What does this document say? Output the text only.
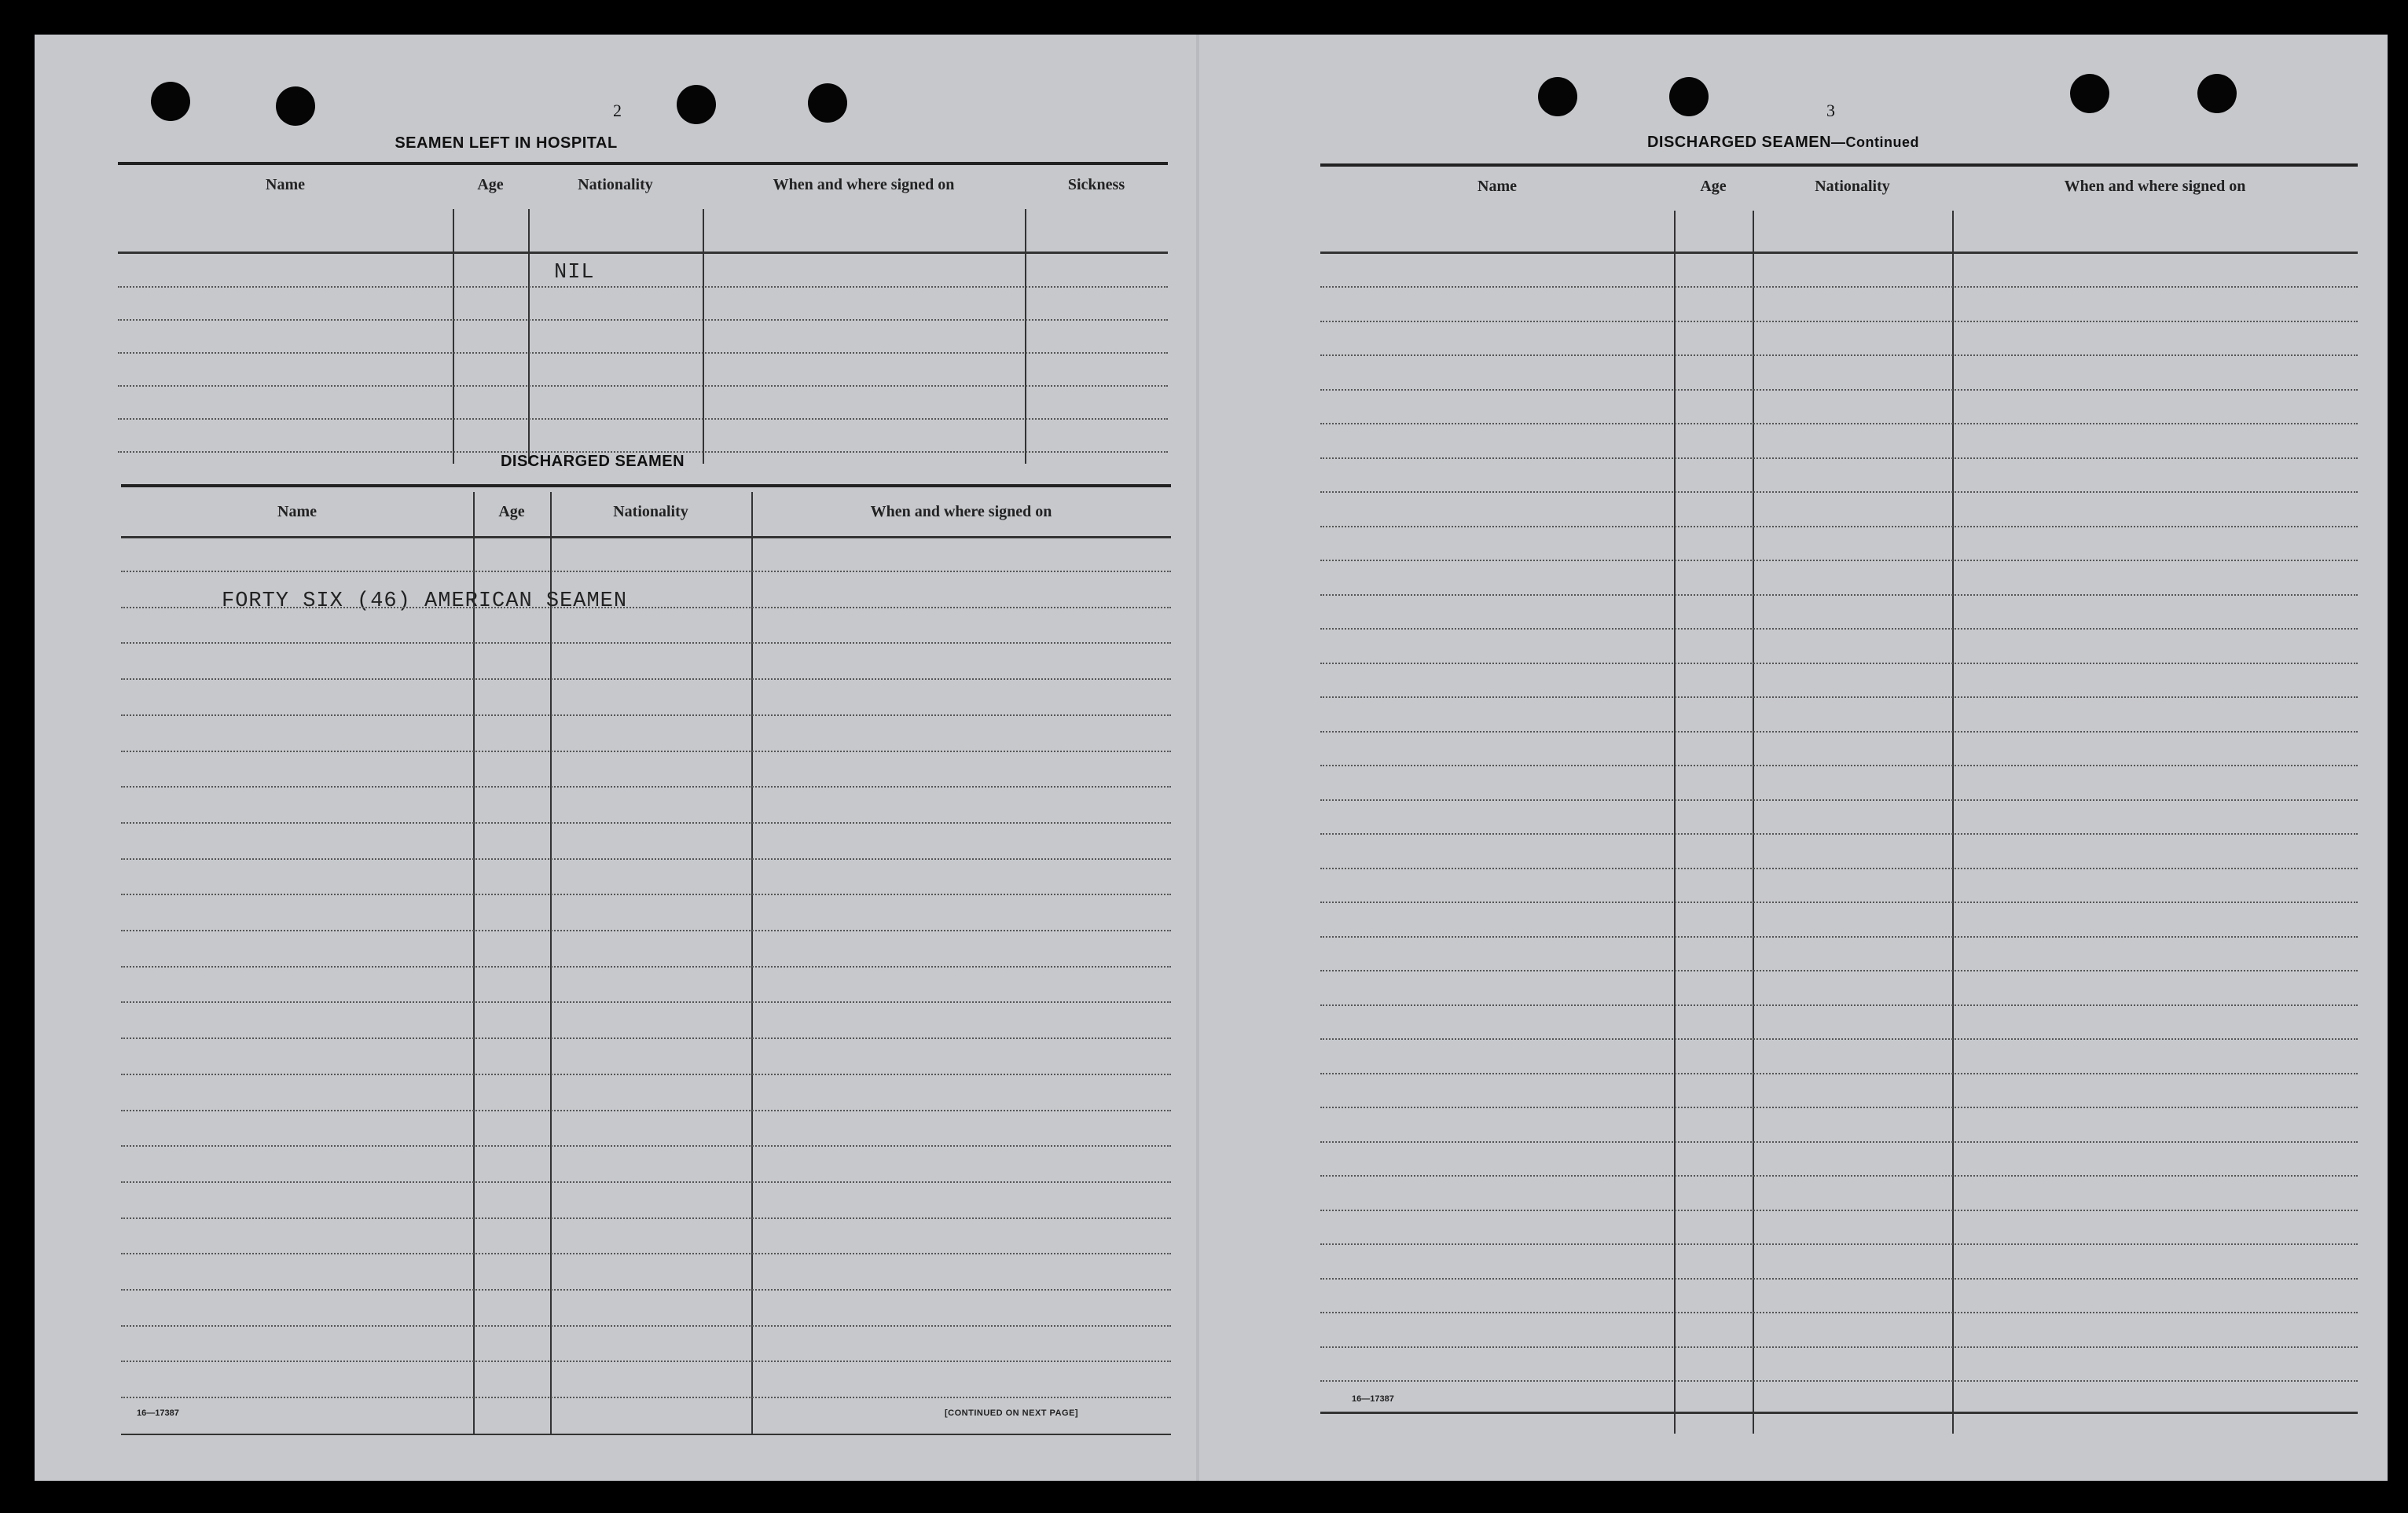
2
SEAMEN LEFT IN HOSPITAL
Name	Age	Nationality	When and where signed on	Sickness
NIL
DISCHARGED SEAMEN
Name	Age	Nationality	When and where signed on
FORTY SIX (46) AMERICAN SEAMEN
16—17387	[CONTINUED ON NEXT PAGE]
3
DISCHARGED SEAMEN—Continued
Name	Age	Nationality	When and where signed on
16—17387
